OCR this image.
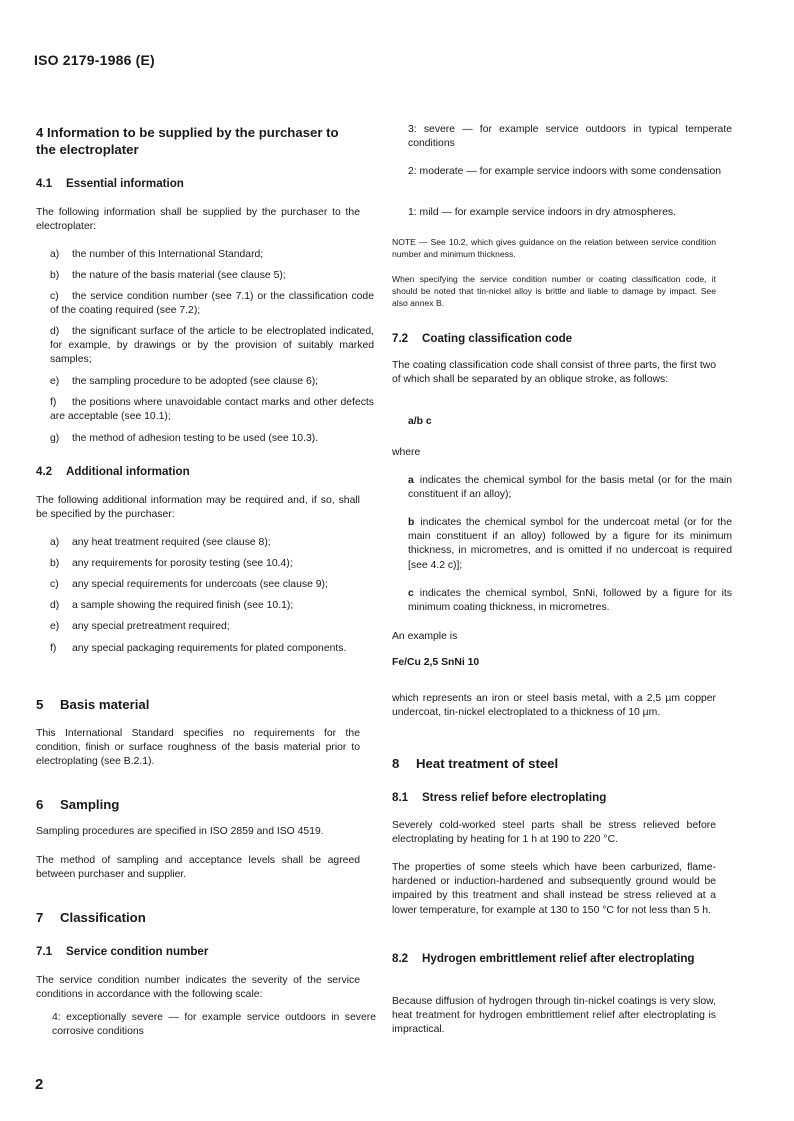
ISO 2179-1986 (E)
4 Information to be supplied by the purchaser to the electroplater
4.1 Essential information
The following information shall be supplied by the purchaser to the electroplater:
a) the number of this International Standard;
b) the nature of the basis material (see clause 5);
c) the service condition number (see 7.1) or the classification code of the coating required (see 7.2);
d) the significant surface of the article to be electroplated indicated, for example, by drawings or by the provision of suitably marked samples;
e) the sampling procedure to be adopted (see clause 6);
f) the positions where unavoidable contact marks and other defects are acceptable (see 10.1);
g) the method of adhesion testing to be used (see 10.3).
4.2 Additional information
The following additional information may be required and, if so, shall be specified by the purchaser:
a) any heat treatment required (see clause 8);
b) any requirements for porosity testing (see 10.4);
c) any special requirements for undercoats (see clause 9);
d) a sample showing the required finish (see 10.1);
e) any special pretreatment required;
f) any special packaging requirements for plated components.
5 Basis material
This International Standard specifies no requirements for the condition, finish or surface roughness of the basis material prior to electroplating (see B.2.1).
6 Sampling
Sampling procedures are specified in ISO 2859 and ISO 4519.
The method of sampling and acceptance levels shall be agreed between purchaser and supplier.
7 Classification
7.1 Service condition number
The service condition number indicates the severity of the service conditions in accordance with the following scale:
4: exceptionally severe — for example service outdoors in severe corrosive conditions
3: severe — for example service outdoors in typical temperate conditions
2: moderate — for example service indoors with some condensation
1: mild — for example service indoors in dry atmospheres.
NOTE — See 10.2, which gives guidance on the relation between service condition number and minimum thickness.
When specifying the service condition number or coating classification code, it should be noted that tin-nickel alloy is brittle and liable to damage by impact. See also annex B.
7.2 Coating classification code
The coating classification code shall consist of three parts, the first two of which shall be separated by an oblique stroke, as follows:
a/b c
where
a indicates the chemical symbol for the basis metal (or for the main constituent if an alloy);
b indicates the chemical symbol for the undercoat metal (or for the main constituent if an alloy) followed by a figure for its minimum thickness, in micrometres, and is omitted if no undercoat is required [see 4.2 c)];
c indicates the chemical symbol, SnNi, followed by a figure for its minimum coating thickness, in micrometres.
An example is
Fe/Cu 2,5 SnNi 10
which represents an iron or steel basis metal, with a 2,5 µm copper undercoat, tin-nickel electroplated to a thickness of 10 µm.
8 Heat treatment of steel
8.1 Stress relief before electroplating
Severely cold-worked steel parts shall be stress relieved before electroplating by heating for 1 h at 190 to 220 °C.
The properties of some steels which have been carburized, flame-hardened or induction-hardened and subsequently ground would be impaired by this treatment and shall instead be stress relieved at a lower temperature, for example at 130 to 150 °C for not less than 5 h.
8.2 Hydrogen embrittlement relief after electroplating
Because diffusion of hydrogen through tin-nickel coatings is very slow, heat treatment for hydrogen embrittlement relief after electroplating is impractical.
2
